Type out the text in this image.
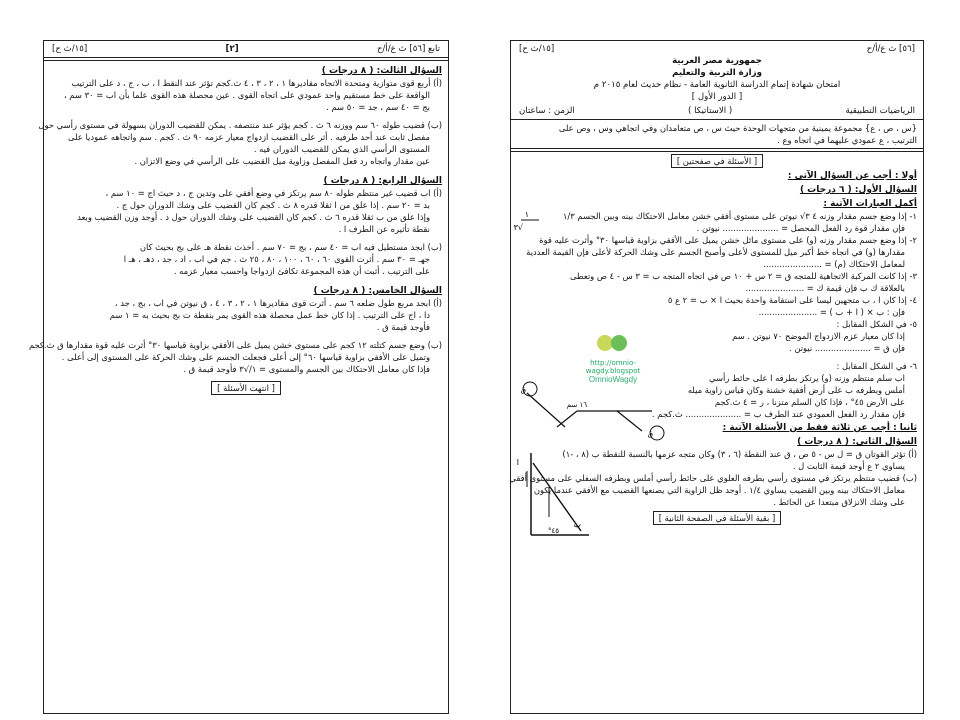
تابع [٥٦] ث ع/أ/ح
[٢]
[١٥/ث ح]
السؤال الثالث: ( ٨ درجات )
(أ) أربع قوى متوازية ومتحدة الاتجاه مقاديرها ١ ، ٢ ، ٣ ، ٤ ث.كجم تؤثر عند النقط ا ، ب ، ج ، د على الترتيب
الواقعة على خط مستقيم واحد عمودي على اتجاه القوى . عين محصلة هذه القوى علما بأن اب = ٣٠ سم ،
بج = ٤٠ سم ، جد = ٥٠ سم .
(ب) قضيب طوله ٦٠ سم ووزنه ٦ ث . كجم يؤثر عند منتصفه . يمكن للقضيب الدوران بسهولة في مستوى رأسي حول
مفصل ثابت عند أحد طرفيه . أثر على القضيب ازدواج معيار عزمه ٩٠ ث . كجم . سم واتجاهه عموديا على
المستوى الرأسي الذي يمكن للقضيب الدوران فيه .
عين مقدار واتجاه رد فعل المفصل وزاوية ميل القضيب على الرأسي في وضع الاتزان .
السؤال الرابع: ( ٨ درجات )
(أ) اب قضيب غير منتظم طوله ٨٠ سم يرتكز في وضع أفقي على وتدين ج ، د حيث اج = ١٠ سم ،
بد = ٢٠ سم . إذا علق من ا ثقلا قدره ٨ ث . كجم كان القضيب على وشك الدوران حول ج .
وإذا علق من ب ثقلا قدره ٦ ث . كجم كان القضيب على وشك الدوران حول د . أوجد وزن القضيب وبعد
نقطة تأثيره عن الطرف ا .
(ب) ابجد مستطيل فيه اب = ٤٠ سم ، بج = ٧٠ سم . أخذت نقطة هـ على بج بحيث كان
جهـ = ٣٠ سم . أثرت القوى ٦٠ ، ٦٠ ، ١٠٠ ، ٨٠ ، ٢٥ ث . جم في اب ، اد ، جد ، دهـ ، هـ ا
على الترتيب . أثبت أن هذه المجموعة تكافئ ازدواجا واحسب معيار عزمه .
السؤال الخامس: ( ٨ درجات )
(أ) ابجد مربع طول ضلعه ٦ سم . أثرت قوى مقاديرها ١ ، ٢ ، ٣ ، ٤ ، ق نيوتن في اب ، بج ، جد ،
دا ، اج على الترتيب . إذا كان خط عمل محصلة هذه القوى يمر بنقطة ت بج بحيث به = ١ سم
فأوجد قيمة ق .
(ب) وضع جسم كتلته ١٢ كجم على مستوى خشن يميل على الأفقي بزاوية قياسها ٣٠° أثرت عليه قوة مقدارها ق ث.كجم
وتميل على الأفقي بزاوية قياسها ٦٠° إلى أعلى فجعلت الجسم على وشك الحركة على المستوى إلى أعلى .
فإذا كان معامل الاحتكاك بين الجسم والمستوى = ١/√٣ فأوجد قيمة ق .
[ انتهت الأسئلة ]
[٥٦] ث ع/أ/ح
[١٥/ث ح]
جمهورية مصر العربية
وزارة التربية والتعليم
امتحان شهادة إتمام الدراسة الثانوية العامة - نظام حديث لعام ٢٠١٥ م
[ الدور الأول ]
الرياضيات التطبيقية
( الاستاتيكا )
الزمن : ساعتان
{س ، ص ، ع} مجموعة يمينية من متجهات الوحدة حيث س ، ص متعامدان وفي اتجاهي وس ، وص على
الترتيب ، ع عمودي عليهما في اتجاه وع .
[ الأسئلة في صفحتين ]
أولا : أجب عن السؤال الآتي :
السؤال الأول: ( ٦ درجات )
أكمل العبارات الآتية :
١- إذا وضع جسم مقدار وزنه ٤ ٣√ نيوتن على مستوى أفقي خشن معامل الاحتكاك بينه وبين الجسم ١/٣
فإن مقدار قوة رد الفعل المحصل = ..................... نيوتن .
٢- إذا وضع جسم مقدار وزنه (و) على مستوى مائل خشن يميل على الأفقي بزاوية قياسها ٣٠° وأثرت عليه قوة
مقدارها (و) في اتجاه خط أكبر ميل للمستوى لأعلى وأصبح الجسم على وشك الحركة لأعلى فإن القيمة العددية
لمعامل الاحتكاك (م) = ......................
٣- إذا كانت المركبة الاتجاهية للمتجه ق = ٢ س + ١٠ ص في اتجاه المتجه ب = ٣ س - ٤ ص وتعطى
بالعلاقة ك ب فإن قيمة ك = ......................
٤- إذا كان ا ، ب متجهين ليسا على استقامة واحدة بحيث ا × ب = ٢ ع ٥
فإن : ب × ( ا + ب ) = ......................
٥- في الشكل المقابل :
إذا كان معيار عزم الازدواج الموضح ٧٠ نيوتن . سم
فإن ق = ..................... نيوتن .
٦- في الشكل المقابل :
اب سلم منتظم وزنه (و) يرتكز بطرفه ا على حائط رأسي
أملس وبطرفه ب على أرض أفقية خشنة وكان قياس زاوية ميله
على الأرض ٤٥° ، فإذا كان السلم متزنا ، ر = ٤ ث.كجم
فإن مقدار رد الفعل العمودي عند الطرف ب = ..................... ث.كجم .
ثانيا : أجب عن ثلاثة فقط من الأسئلة الآتية :
السؤال الثاني: ( ٨ درجات )
(أ) تؤثر القوتان ق = ل س - ٥ ص ، ق عند النقطة (٦ ، ٣) وكان متجه عزمها بالنسبة للنقطة ب (٨ ، -١)
يساوي ٢ ع أوجد قيمة الثابت ل .
(ب) قضيب منتظم يرتكز في مستوى رأسي بطرفه العلوي على حائط رأسي أملس وبطرفه السفلي على مستوى أفقي
معامل الاحتكاك بينه وبين القضيب يساوي ١/٤ . أوجد ظل الزاوية التي يصنعها القضيب مع الأفقي عندما يكون
على وشك الانزلاق مبتعدا عن الحائط .
[ بقية الأسئلة في الصفحة الثانية ]
١
√٣
ق
ق
١٦ سم
ا
ب
٤٥°
http://omnio-wagdy.blogspot
OmnioWagdy
